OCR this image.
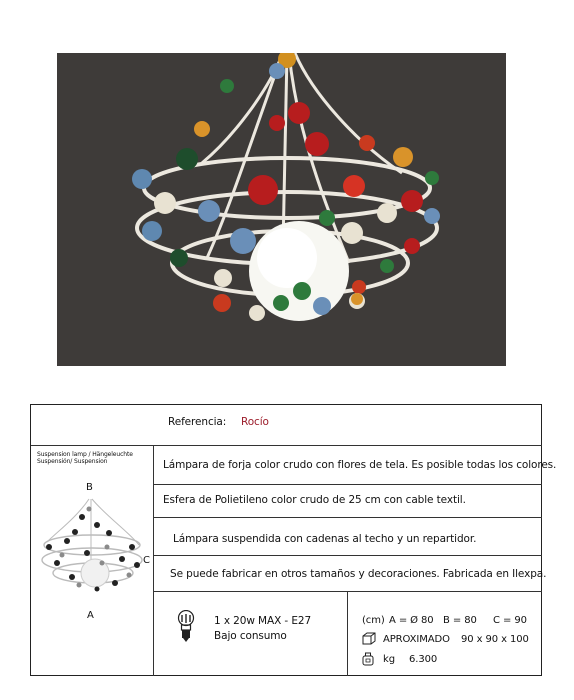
Referencia: Rocío
Suspension lamp / Hängeleuchte Suspensión/ Suspension
B
C
A
Lámpara de forja color crudo con flores de tela. Es posible todas los colores.
Esfera de Polietileno color crudo de 25 cm con cable textil.
Lámpara suspendida con cadenas al techo y un repartidor.
Se puede fabricar en otros tamaños y decoraciones. Fabricada en Ilexpa.
1 x 20w MAX - E27
Bajo consumo
(cm) A = Ø 80 B = 80 C = 90
APROXIMADO 90 x 90 x 100
kg 6.300
